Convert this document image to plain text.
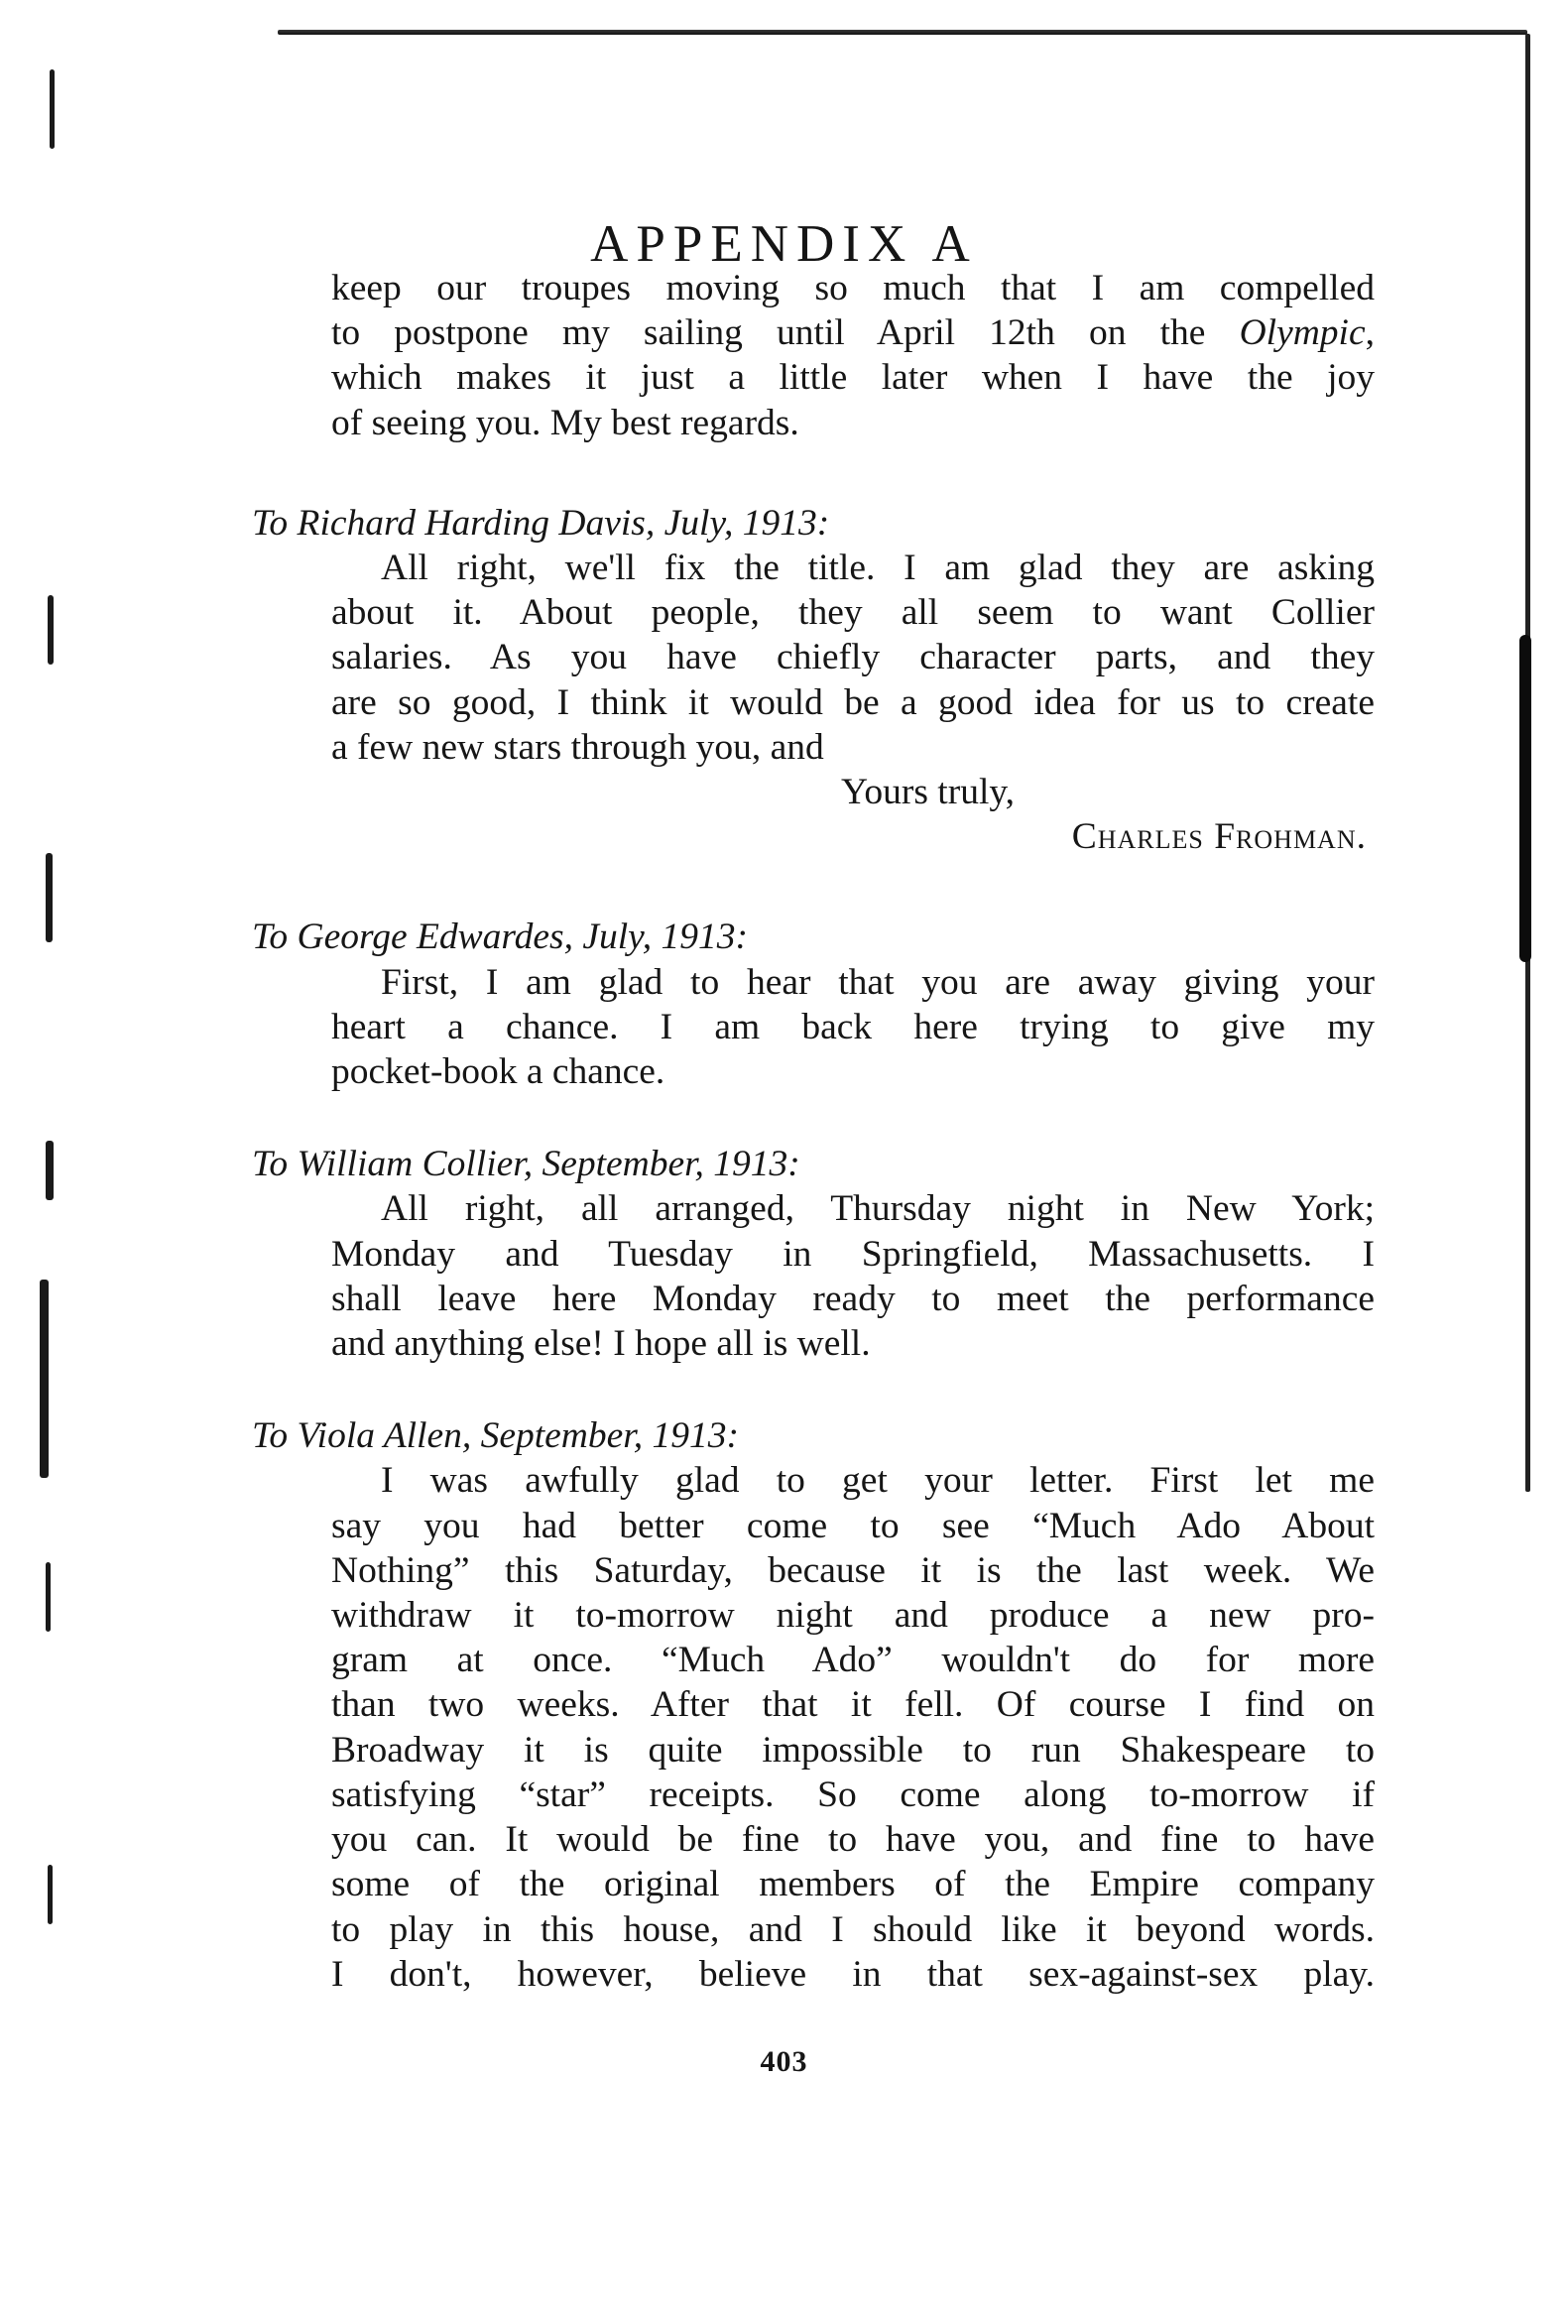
APPENDIX A
keep our troupes moving so much that I am compelled
to postpone my sailing until April 12th on the Olympic,
which makes it just a little later when I have the joy
of seeing you. My best regards.
To Richard Harding Davis, July, 1913:
All right, we'll fix the title. I am glad they are asking
about it. About people, they all seem to want Collier
salaries. As you have chiefly character parts, and they
are so good, I think it would be a good idea for us to create
a few new stars through you, and
Yours truly,
Charles Frohman.
To George Edwardes, July, 1913:
First, I am glad to hear that you are away giving your
heart a chance. I am back here trying to give my
pocket-book a chance.
To William Collier, September, 1913:
All right, all arranged, Thursday night in New York;
Monday and Tuesday in Springfield, Massachusetts. I
shall leave here Monday ready to meet the performance
and anything else! I hope all is well.
To Viola Allen, September, 1913:
I was awfully glad to get your letter. First let me
say you had better come to see “Much Ado About
Nothing” this Saturday, because it is the last week. We
withdraw it to-morrow night and produce a new pro-
gram at once. “Much Ado” wouldn't do for more
than two weeks. After that it fell. Of course I find on
Broadway it is quite impossible to run Shakespeare to
satisfying “star” receipts. So come along to-morrow if
you can. It would be fine to have you, and fine to have
some of the original members of the Empire company
to play in this house, and I should like it beyond words.
I don't, however, believe in that sex-against-sex play.
403
